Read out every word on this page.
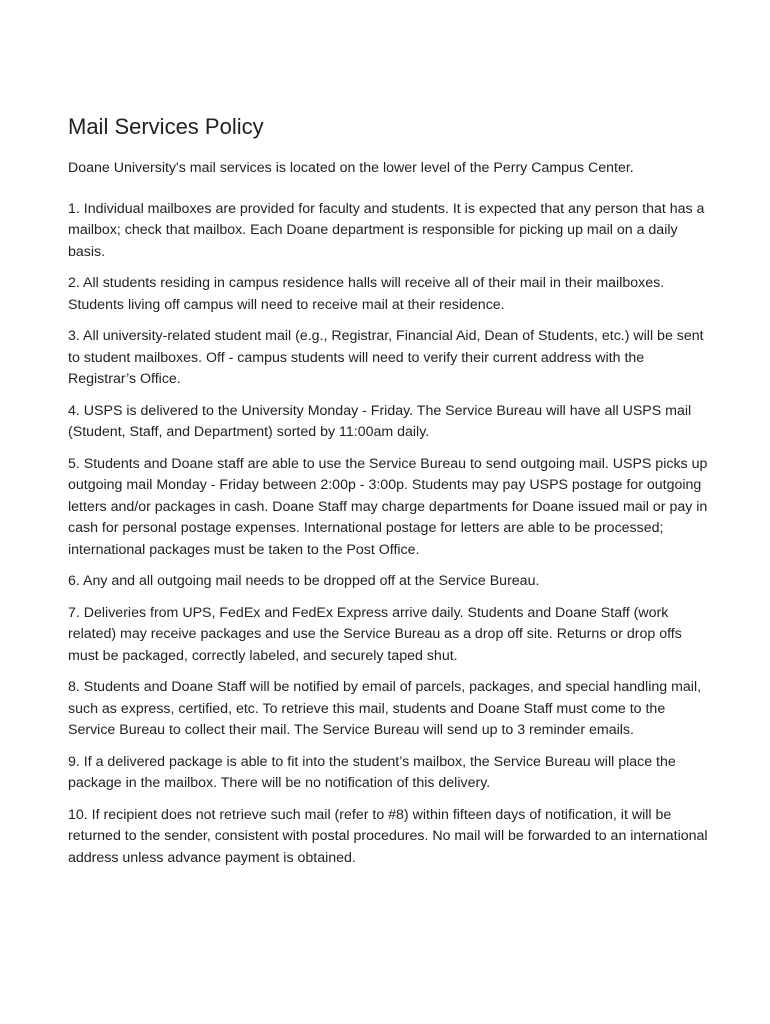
Mail Services Policy

Doane University's mail services is located on the lower level of the Perry Campus Center.

1. Individual mailboxes are provided for faculty and students. It is expected that any person that has a mailbox; check that mailbox. Each Doane department is responsible for picking up mail on a daily basis.

2. All students residing in campus residence halls will receive all of their mail in their mailboxes. Students living off campus will need to receive mail at their residence.

3. All university-related student mail (e.g., Registrar, Financial Aid, Dean of Students, etc.) will be sent to student mailboxes. Off - campus students will need to verify their current address with the Registrar’s Office.

4. USPS is delivered to the University Monday - Friday. The Service Bureau will have all USPS mail (Student, Staff, and Department) sorted by 11:00am daily.

5. Students and Doane staff are able to use the Service Bureau to send outgoing mail. USPS picks up outgoing mail Monday - Friday between 2:00p - 3:00p. Students may pay USPS postage for outgoing letters and/or packages in cash. Doane Staff may charge departments for Doane issued mail or pay in cash for personal postage expenses. International postage for letters are able to be processed; international packages must be taken to the Post Office.

6. Any and all outgoing mail needs to be dropped off at the Service Bureau.

7. Deliveries from UPS, FedEx and FedEx Express arrive daily. Students and Doane Staff (work related) may receive packages and use the Service Bureau as a drop off site. Returns or drop offs must be packaged, correctly labeled, and securely taped shut.

8. Students and Doane Staff will be notified by email of parcels, packages, and special handling mail, such as express, certified, etc. To retrieve this mail, students and Doane Staff must come to the Service Bureau to collect their mail. The Service Bureau will send up to 3 reminder emails.

9. If a delivered package is able to fit into the student’s mailbox, the Service Bureau will place the package in the mailbox. There will be no notification of this delivery.

10. If recipient does not retrieve such mail (refer to #8) within fifteen days of notification, it will be returned to the sender, consistent with postal procedures. No mail will be forwarded to an international address unless advance payment is obtained.
